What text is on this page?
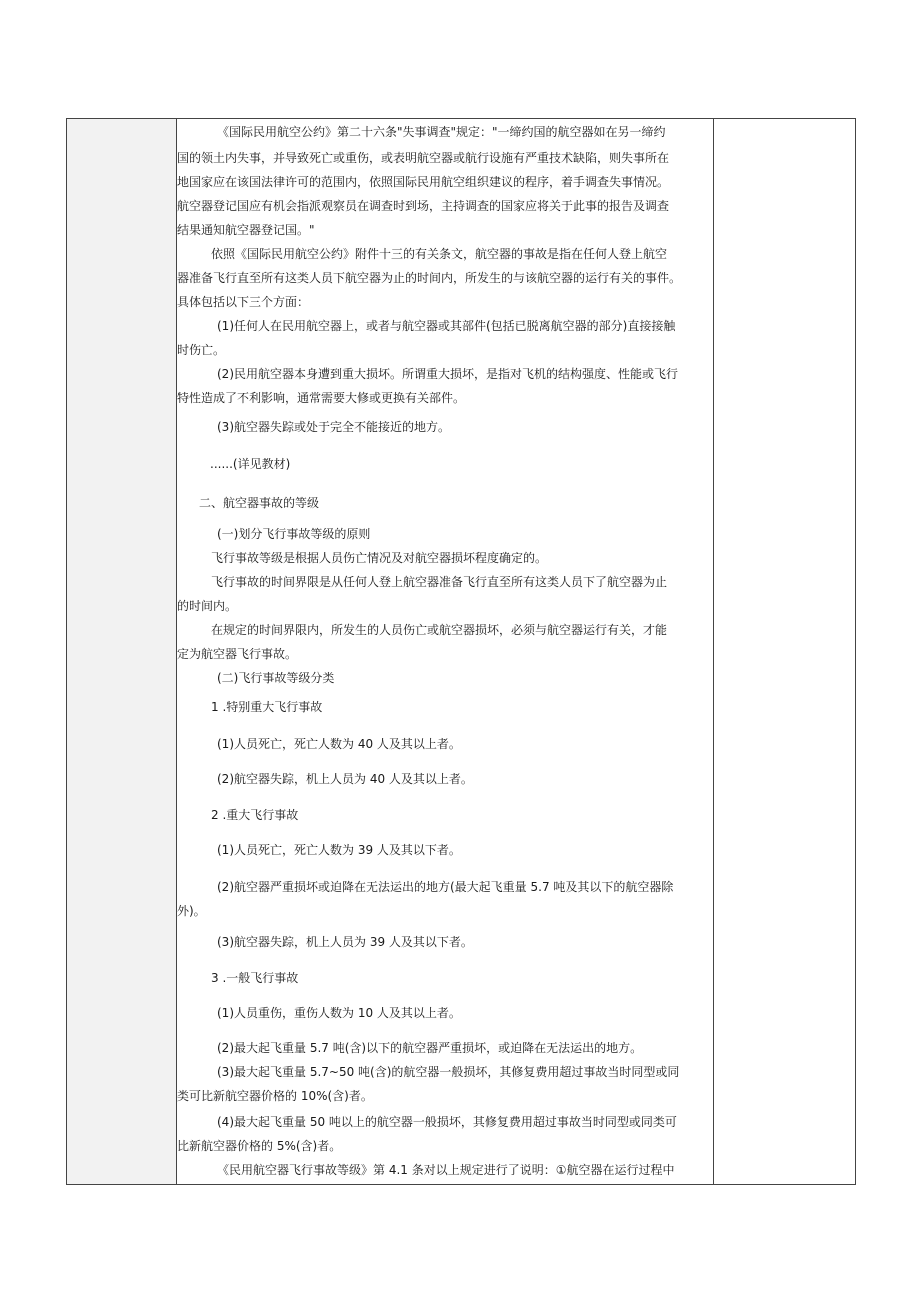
《国际民用航空公约》第二十六条"失事调查"规定："一缔约国的航空器如在另一缔约
国的领土内失事，并导致死亡或重伤，或表明航空器或航行设施有严重技术缺陷，则失事所在
地国家应在该国法律许可的范围内，依照国际民用航空组织建议的程序，着手调查失事情况。
航空器登记国应有机会指派观察员在调查时到场，主持调查的国家应将关于此事的报告及调查
结果通知航空器登记国。"
依照《国际民用航空公约》附件十三的有关条文，航空器的事故是指在任何人登上航空
器准备飞行直至所有这类人员下航空器为止的时间内，所发生的与该航空器的运行有关的事件。
具体包括以下三个方面：
(1)任何人在民用航空器上，或者与航空器或其部件(包括已脱离航空器的部分)直接接触
时伤亡。
(2)民用航空器本身遭到重大损坏。所谓重大损坏，是指对飞机的结构强度、性能或飞行
特性造成了不利影响，通常需要大修或更换有关部件。
(3)航空器失踪或处于完全不能接近的地方。
......(详见教材)
二、航空器事故的等级
(一)划分飞行事故等级的原则
飞行事故等级是根据人员伤亡情况及对航空器损坏程度确定的。
飞行事故的时间界限是从任何人登上航空器准备飞行直至所有这类人员下了航空器为止
的时间内。
在规定的时间界限内，所发生的人员伤亡或航空器损坏，必须与航空器运行有关，才能
定为航空器飞行事故。
(二)飞行事故等级分类
1 .特别重大飞行事故
(1)人员死亡，死亡人数为 40 人及其以上者。
(2)航空器失踪，机上人员为 40 人及其以上者。
2 .重大飞行事故
(1)人员死亡，死亡人数为 39 人及其以下者。
(2)航空器严重损坏或迫降在无法运出的地方(最大起飞重量 5.7 吨及其以下的航空器除
外)。
(3)航空器失踪，机上人员为 39 人及其以下者。
3 .一般飞行事故
(1)人员重伤，重伤人数为 10 人及其以上者。
(2)最大起飞重量 5.7 吨(含)以下的航空器严重损坏，或迫降在无法运出的地方。
(3)最大起飞重量 5.7~50 吨(含)的航空器一般损坏，其修复费用超过事故当时同型或同
类可比新航空器价格的 10%(含)者。
(4)最大起飞重量 50 吨以上的航空器一般损坏，其修复费用超过事故当时同型或同类可
比新航空器价格的 5%(含)者。
《民用航空器飞行事故等级》第 4.1 条对以上规定进行了说明：①航空器在运行过程中
